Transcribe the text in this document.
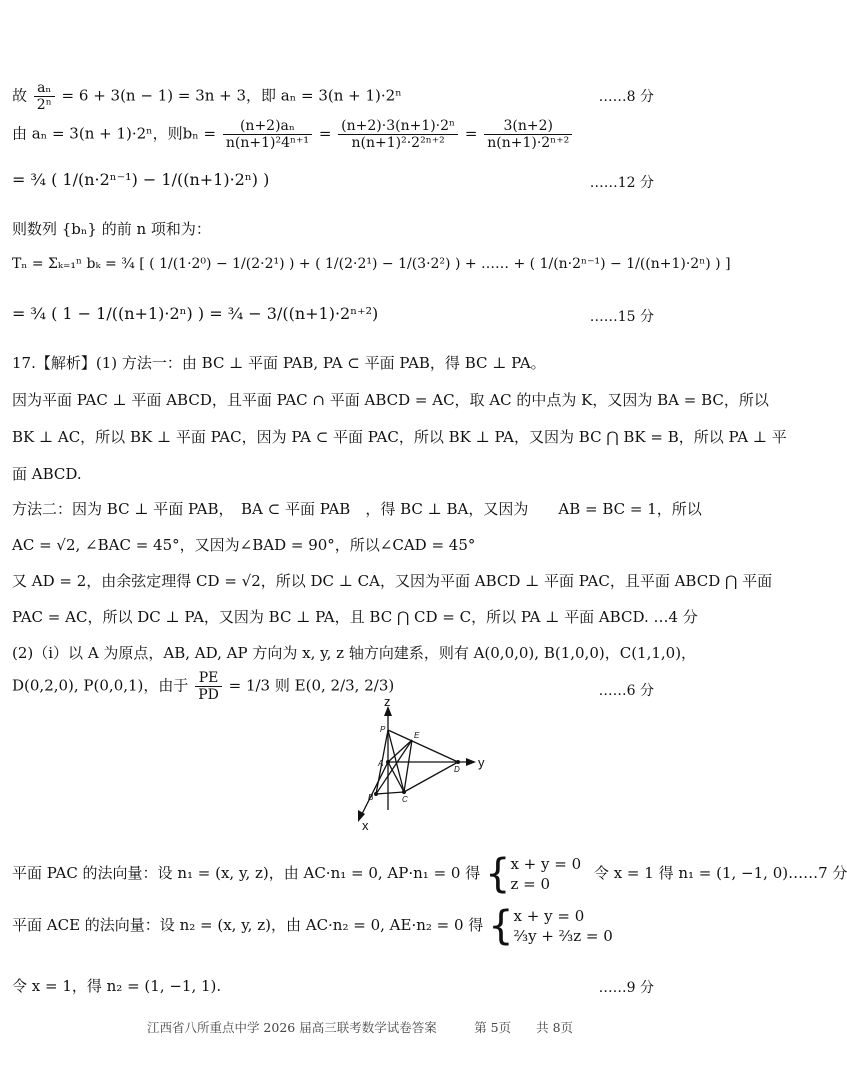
故 $\frac{\text{aₙ}}{\text{2ⁿ}} = 6 + 3(n - 1) = 3n + 3$，即 aₙ = 3(n + 1)·2ⁿ	……8 分
由 aₙ = 3(n + 1)·2ⁿ，则$b_n = \frac{\text{(n+2)aₙ}}{\text{n(n+1)²4ⁿ⁺¹}} = \frac{\text{(n+2)·3(n+1)·2ⁿ}}{\text{n(n+1)²·2²ⁿ⁺²}} = \frac{3(n+2)}{\text{n(n+1)·2ⁿ⁺²}}$
= ¾ ( 1/(n·2ⁿ⁻¹) − 1/((n+1)·2ⁿ) )	……12 分
则数列 {bₙ} 的前 n 项和为：
Tₙ = Σₖ₌₁ⁿ bₖ = ¾ [ ( 1/(1·2⁰) − 1/(2·2¹) ) + ( 1/(2·2¹) − 1/(3·2²) ) + …… + ( 1/(n·2ⁿ⁻¹) − 1/((n+1)·2ⁿ) ) ]
= ¾ ( 1 − 1/((n+1)·2ⁿ) ) = ¾ − 3/((n+1)·2ⁿ⁺²)	……15 分
17.【解析】(1) 方法一：由 BC ⊥ 平面 PAB, PA ⊂ 平面 PAB，得 BC ⊥ PA。
因为平面 PAC ⊥ 平面 ABCD，且平面 PAC ∩ 平面 ABCD = AC，取 AC 的中点为 K，又因为 BA = BC，所以
BK ⊥ AC，所以 BK ⊥ 平面 PAC，因为 PA ⊂ 平面 PAC，所以 BK ⊥ PA，又因为 BC ⋂ BK = B，所以 PA ⊥ 平
面 ABCD.
方法二：因为 BC ⊥ 平面 PAB，　BA ⊂ 平面 PAB　，得 BC ⊥ BA，又因为　　AB = BC = 1，所以
AC = √2, ∠BAC = 45°，又因为∠BAD = 90°，所以∠CAD = 45°
又 AD = 2，由余弦定理得 CD = √2，所以 DC ⊥ CA，又因为平面 ABCD ⊥ 平面 PAC，且平面 ABCD ⋂ 平面
PAC = AC，所以 DC ⊥ PA，又因为 BC ⊥ PA，且 BC ⋂ CD = C，所以 PA ⊥ 平面 ABCD. …4 分
(2)（i）以 A 为原点，AB, AD, AP 方向为 x, y, z 轴方向建系，则有 A(0,0,0), B(1,0,0)，C(1,1,0)，
D(0,2,0), P(0,0,1)，由于 $\frac{PE}{PD} = 1/3$ 则 E(0, 2/3, 2/3)	……6 分
z
y
x
P
E
A
B	C
D
平面 PAC 的法向量：设 n₁ = (x, y, z)，由 AC·n₁ = 0, AP·n₁ = 0 得 { x + y = 0
z = 0
令 x = 1 得 n₁ = (1, −1, 0)……7 分
平面 ACE 的法向量：设 n₂ = (x, y, z)，由 AC·n₂ = 0, AE·n₂ = 0 得 { x + y = 0
⅔y + ⅔z = 0
令 x = 1，得 n₂ = (1, −1, 1).	……9 分
江西省八所重点中学 2026 届高三联考数学试卷答案　　　第 5页　　共 8页
